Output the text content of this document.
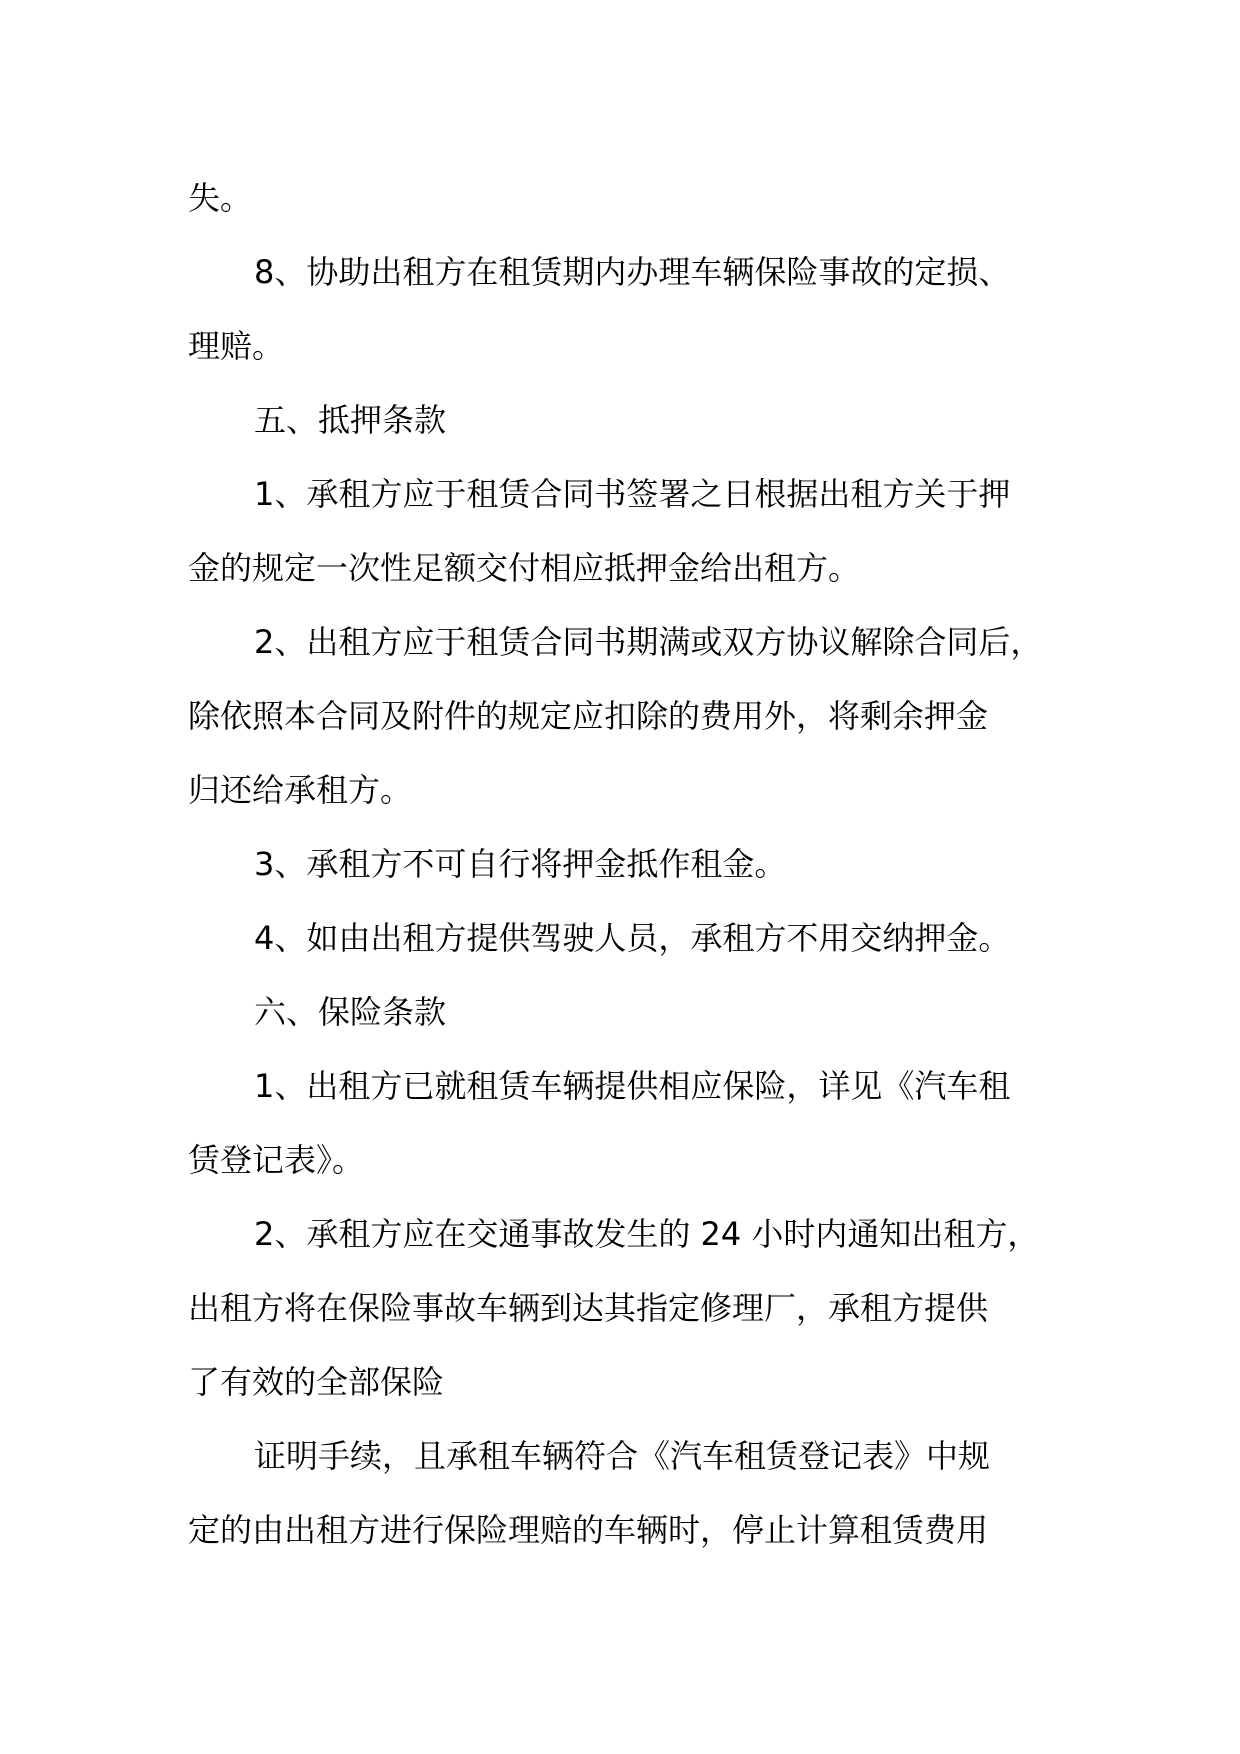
失。
8、协助出租方在租赁期内办理车辆保险事故的定损、
理赔。
五、抵押条款
1、承租方应于租赁合同书签署之日根据出租方关于押
金的规定一次性足额交付相应抵押金给出租方。
2、出租方应于租赁合同书期满或双方协议解除合同后，
除依照本合同及附件的规定应扣除的费用外，将剩余押金
归还给承租方。
3、承租方不可自行将押金抵作租金。
4、如由出租方提供驾驶人员，承租方不用交纳押金。
六、保险条款
1、出租方已就租赁车辆提供相应保险，详见《汽车租
赁登记表》。
2、承租方应在交通事故发生的 24 小时内通知出租方，
出租方将在保险事故车辆到达其指定修理厂，承租方提供
了有效的全部保险
证明手续，且承租车辆符合《汽车租赁登记表》中规
定的由出租方进行保险理赔的车辆时，停止计算租赁费用
